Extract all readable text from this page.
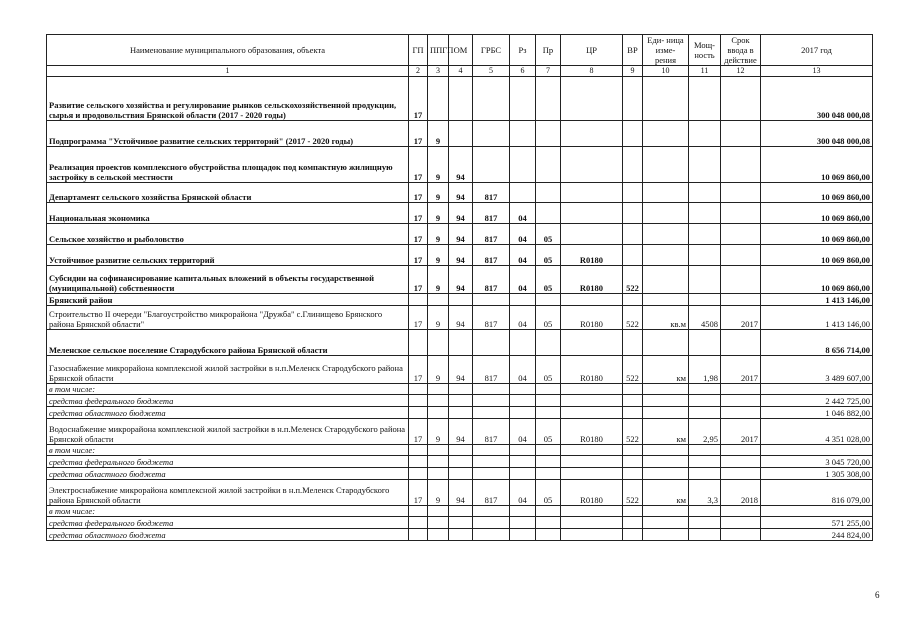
Наименование муниципального образования, объекта	ГП	ППГП	ОМ	ГРБС	Рз	Пр	ЦР	ВР	Еди- ница изме- рения	Мощ- ность	Срок ввода в действие	2017 год
1	2	3	4	5	6	7	8	9	10	11	12	13
Развитие сельского хозяйства и регулирование рынков сельскохозяйственной продукции, сырья и продовольствия Брянской области (2017 - 2020 годы)	17											300 048 000,08
Подпрограмма "Устойчивое развитие сельских территорий" (2017 - 2020 годы)	17	9										300 048 000,08
Реализация проектов комплексного обустройства площадок под компактную жилищную застройку в сельской местности	17	9	94									10 069 860,00
Департамент сельского хозяйства Брянской области	17	9	94	817								10 069 860,00
Национальная экономика	17	9	94	817	04							10 069 860,00
Сельское хозяйство и рыболовство	17	9	94	817	04	05						10 069 860,00
Устойчивое развитие сельских территорий	17	9	94	817	04	05	R0180					10 069 860,00
Субсидии на софинансирование капитальных вложений в объекты государственной (муниципальной) собственности	17	9	94	817	04	05	R0180	522				10 069 860,00
Брянский район												1 413 146,00
Строительство II очереди "Благоустройство микрорайона "Дружба" с.Глинищево Брянского района Брянской области"	17	9	94	817	04	05	R0180	522	кв.м	4508	2017	1 413 146,00
Меленское сельское поселение Стародубского района Брянской области												8 656 714,00
Газоснабжение микрорайона комплексной жилой застройки в н.п.Меленск Стародубского района Брянской области	17	9	94	817	04	05	R0180	522	км	1,98	2017	3 489 607,00
в том числе:												
средства федерального бюджета												2 442 725,00
средства областного бюджета												1 046 882,00
Водоснабжение микрорайона комплексной жилой застройки в н.п.Меленск Стародубского района Брянской области	17	9	94	817	04	05	R0180	522	км	2,95	2017	4 351 028,00
в том числе:												
средства федерального бюджета												3 045 720,00
средства областного бюджета												1 305 308,00
Электроснабжение микрорайона комплексной жилой застройки в н.п.Меленск Стародубского района Брянской области	17	9	94	817	04	05	R0180	522	км	3,3	2018	816 079,00
в том числе:												
средства федерального бюджета												571 255,00
средства областного бюджета												244 824,00
6
